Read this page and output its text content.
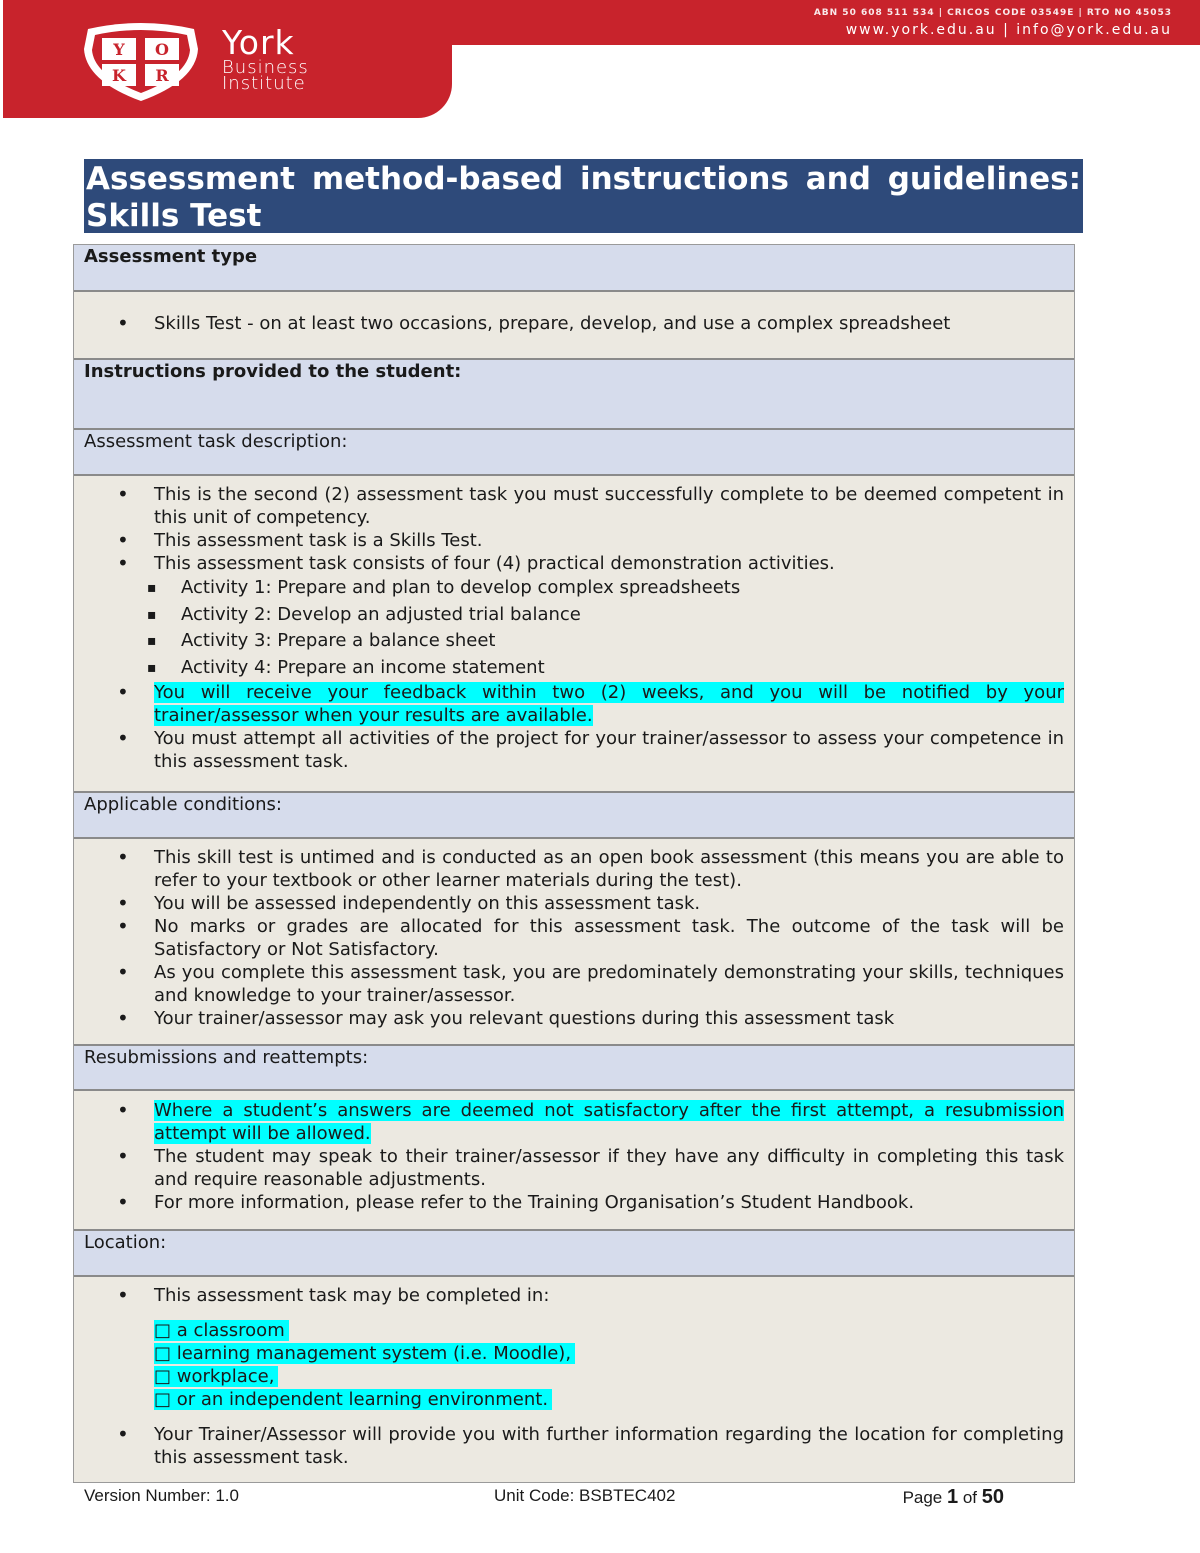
ABN 50 608 511 534 | CRICOS CODE 03549E | RTO NO 45053
www.york.edu.au | info@york.edu.au
Y O
K R
York
Business
Institute
Assessment method-based instructions and guidelines: Skills Test
Assessment type
• Skills Test - on at least two occasions, prepare, develop, and use a complex spreadsheet
Instructions provided to the student:
Assessment task description:
• This is the second (2) assessment task you must successfully complete to be deemed competent in this unit of competency.
• This assessment task is a Skills Test.
• This assessment task consists of four (4) practical demonstration activities.
▪ Activity 1: Prepare and plan to develop complex spreadsheets
▪ Activity 2: Develop an adjusted trial balance
▪ Activity 3: Prepare a balance sheet
▪ Activity 4: Prepare an income statement
• You will receive your feedback within two (2) weeks, and you will be notified by your trainer/assessor when your results are available.
• You must attempt all activities of the project for your trainer/assessor to assess your competence in this assessment task.
Applicable conditions:
• This skill test is untimed and is conducted as an open book assessment (this means you are able to refer to your textbook or other learner materials during the test).
• You will be assessed independently on this assessment task.
• No marks or grades are allocated for this assessment task. The outcome of the task will be Satisfactory or Not Satisfactory.
• As you complete this assessment task, you are predominately demonstrating your skills, techniques and knowledge to your trainer/assessor.
• Your trainer/assessor may ask you relevant questions during this assessment task
Resubmissions and reattempts:
• Where a student’s answers are deemed not satisfactory after the first attempt, a resubmission attempt will be allowed.
• The student may speak to their trainer/assessor if they have any difficulty in completing this task and require reasonable adjustments.
• For more information, please refer to the Training Organisation’s Student Handbook.
Location:
• This assessment task may be completed in:
□ a classroom
□ learning management system (i.e. Moodle),
□ workplace,
□ or an independent learning environment.
• Your Trainer/Assessor will provide you with further information regarding the location for completing this assessment task.
Version Number: 1.0	Unit Code: BSBTEC402	Page 1 of 50
